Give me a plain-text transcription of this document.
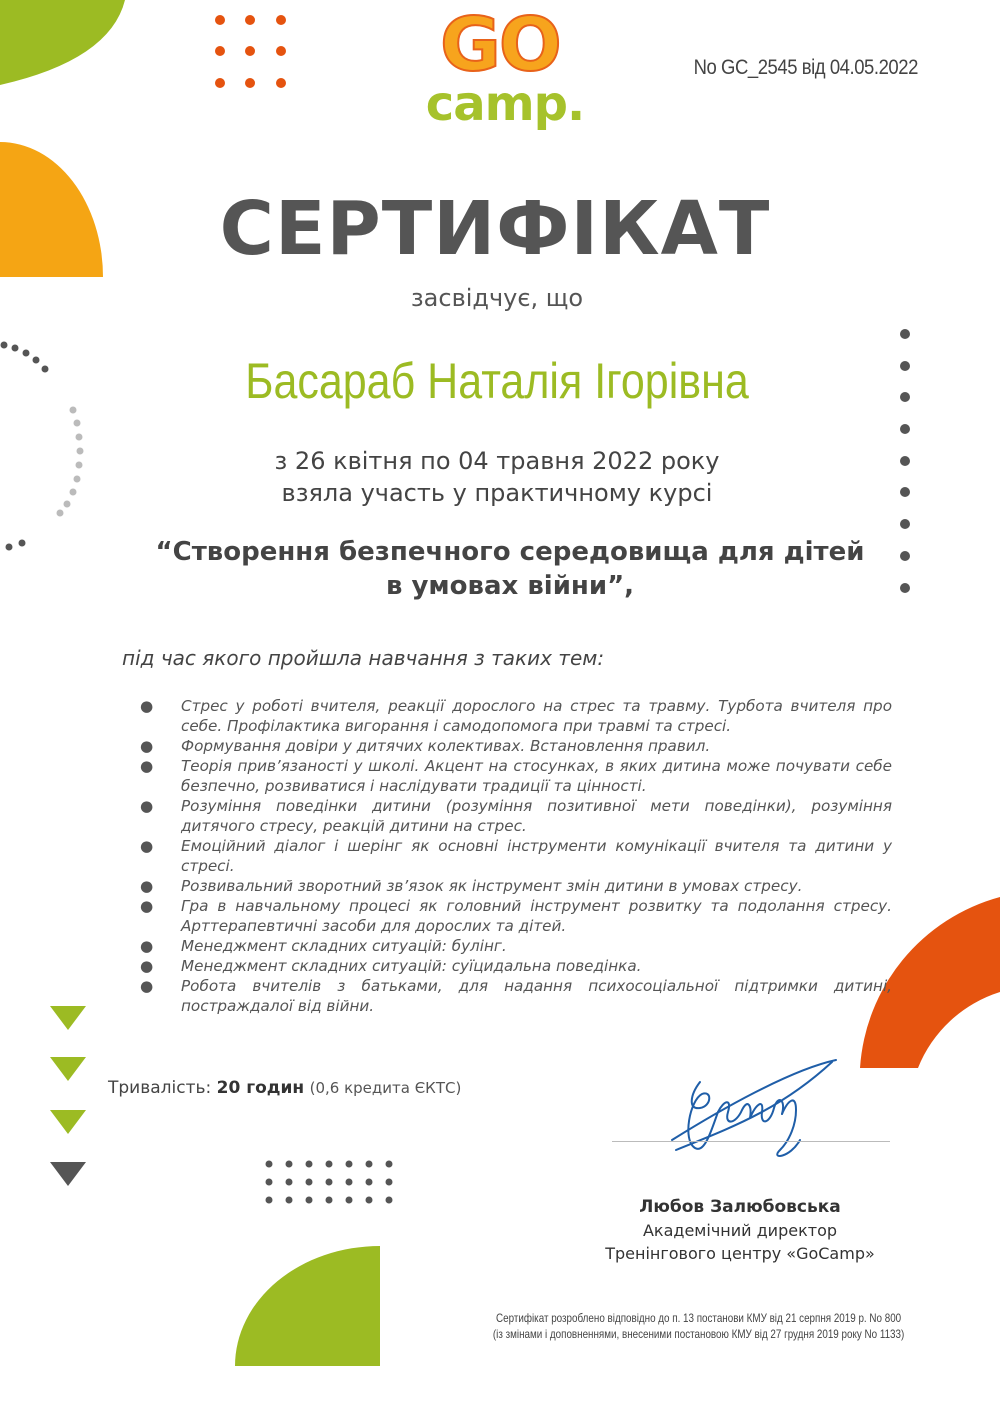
GO
camp.
No GC_2545 від 04.05.2022
СЕРТИФІКАТ
засвідчує, що
Басараб Наталія Ігорівна
з 26 квітня по 04 травня 2022 року
взяла участь у практичному курсі
“Створення безпечного середовища для дітей
в умовах війни”,
під час якого пройшла навчання з таких тем:
● Стрес у роботі вчителя, реакції дорослого на стрес та травму. Турбота вчителя про себе. Профілактика вигорання і самодопомога при травмі та стресі.
● Формування довіри у дитячих колективах. Встановлення правил.
● Теорія прив’язаності у школі. Акцент на стосунках, в яких дитина може почувати себе безпечно, розвиватися і наслідувати традиції та цінності.
● Розуміння поведінки дитини (розуміння позитивної мети поведінки), розуміння дитячого стресу, реакцій дитини на стрес.
● Емоційний діалог і шерінг як основні інструменти комунікації вчителя та дитини у стресі.
● Розвивальний зворотний зв’язок як інструмент змін дитини в умовах стресу.
● Гра в навчальному процесі як головний інструмент розвитку та подолання стресу. Арттерапевтичні засоби для дорослих та дітей.
● Менеджмент складних ситуацій: булінг.
● Менеджмент складних ситуацій: суїцидальна поведінка.
● Робота вчителів з батьками, для надання психосоціальної підтримки дитині, постраждалої від війни.
Тривалість: 20 годин (0,6 кредита ЄКТС)
Любов Залюбовська
Академічний директор
Тренінгового центру «GoCamp»
Сертифікат розроблено відповідно до п. 13 постанови КМУ від 21 серпня 2019 р. No 800
(із змінами і доповненнями, внесеними постановою КМУ від 27 грудня 2019 року No 1133)
